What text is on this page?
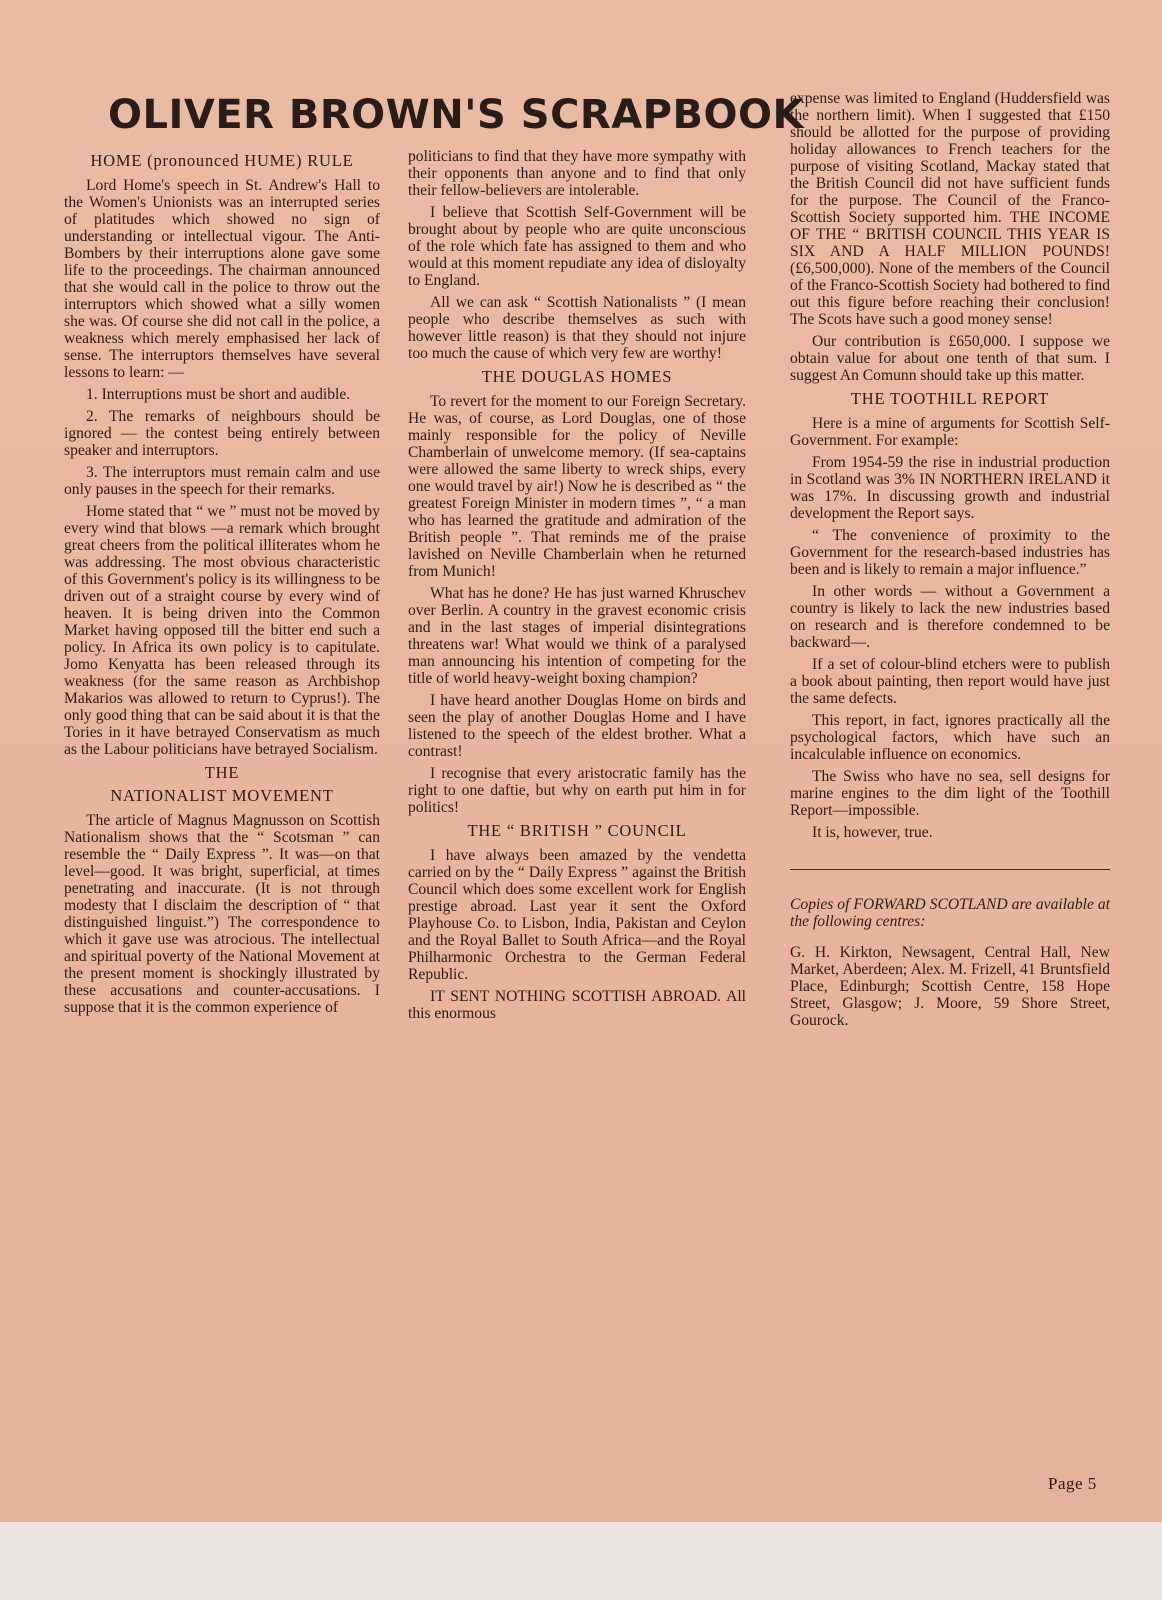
OLIVER BROWN'S SCRAPBOOK
HOME (pronounced HUME) RULE

Lord Home's speech in St. Andrew's Hall to the Women's Unionists was an interrupted series of platitudes which showed no sign of understanding or intellectual vigour. The Anti-Bombers by their interruptions alone gave some life to the proceedings. The chairman announced that she would call in the police to throw out the interruptors which showed what a silly women she was. Of course she did not call in the police, a weakness which merely emphasised her lack of sense. The interruptors themselves have several lessons to learn: —

1. Interruptions must be short and audible.

2. The remarks of neighbours should be ignored — the contest being entirely between speaker and interruptors.

3. The interruptors must remain calm and use only pauses in the speech for their remarks.

Home stated that “ we ” must not be moved by every wind that blows —a remark which brought great cheers from the political illiterates whom he was addressing. The most obvious characteristic of this Government's policy is its willingness to be driven out of a straight course by every wind of heaven. It is being driven into the Common Market having opposed till the bitter end such a policy. In Africa its own policy is to capitulate. Jomo Kenyatta has been released through its weakness (for the same reason as Archbishop Makarios was allowed to return to Cyprus!). The only good thing that can be said about it is that the Tories in it have betrayed Conservatism as much as the Labour politicians have betrayed Socialism.

THE
NATIONALIST MOVEMENT

The article of Magnus Magnusson on Scottish Nationalism shows that the “ Scotsman ” can resemble the “ Daily Express ”. It was—on that level—good. It was bright, superficial, at times penetrating and inaccurate. (It is not through modesty that I disclaim the description of “ that distinguished linguist.”) The correspondence to which it gave use was atrocious. The intellectual and spiritual poverty of the National Movement at the present moment is shockingly illustrated by these accusations and counter-accusations. I suppose that it is the common experience of

politicians to find that they have more sympathy with their opponents than anyone and to find that only their fellow-believers are intolerable.

I believe that Scottish Self-Government will be brought about by people who are quite unconscious of the role which fate has assigned to them and who would at this moment repudiate any idea of disloyalty to England.

All we can ask “ Scottish Nationalists ” (I mean people who describe themselves as such with however little reason) is that they should not injure too much the cause of which very few are worthy!

THE DOUGLAS HOMES

To revert for the moment to our Foreign Secretary. He was, of course, as Lord Douglas, one of those mainly responsible for the policy of Neville Chamberlain of unwelcome memory. (If sea-captains were allowed the same liberty to wreck ships, every one would travel by air!) Now he is described as “ the greatest Foreign Minister in modern times ”, “ a man who has learned the gratitude and admiration of the British people ”. That reminds me of the praise lavished on Neville Chamberlain when he returned from Munich!

What has he done? He has just warned Khruschev over Berlin. A country in the gravest economic crisis and in the last stages of imperial disintegrations threatens war! What would we think of a paralysed man announcing his intention of competing for the title of world heavy-weight boxing champion?

I have heard another Douglas Home on birds and seen the play of another Douglas Home and I have listened to the speech of the eldest brother. What a contrast!

I recognise that every aristocratic family has the right to one daftie, but why on earth put him in for politics!

THE “ BRITISH ” COUNCIL

I have always been amazed by the vendetta carried on by the “ Daily Express ” against the British Council which does some excellent work for English prestige abroad. Last year it sent the Oxford Playhouse Co. to Lisbon, India, Pakistan and Ceylon and the Royal Ballet to South Africa—and the Royal Philharmonic Orchestra to the German Federal Republic.

IT SENT NOTHING SCOTTISH ABROAD. All this enormous

expense was limited to England (Huddersfield was the northern limit). When I suggested that £150 should be allotted for the purpose of providing holiday allowances to French teachers for the purpose of visiting Scotland, Mackay stated that the British Council did not have sufficient funds for the purpose. The Council of the Franco-Scottish Society supported him. THE INCOME OF THE “ BRITISH COUNCIL THIS YEAR IS SIX AND A HALF MILLION POUNDS! (£6,500,000). None of the members of the Council of the Franco-Scottish Society had bothered to find out this figure before reaching their conclusion! The Scots have such a good money sense!

Our contribution is £650,000. I suppose we obtain value for about one tenth of that sum. I suggest An Comunn should take up this matter.

THE TOOTHILL REPORT

Here is a mine of arguments for Scottish Self-Government. For example:

From 1954-59 the rise in industrial production in Scotland was 3% IN NORTHERN IRELAND it was 17%. In discussing growth and industrial development the Report says.

“ The convenience of proximity to the Government for the research-based industries has been and is likely to remain a major influence.”

In other words — without a Government a country is likely to lack the new industries based on research and is therefore condemned to be backward—.

If a set of colour-blind etchers were to publish a book about painting, then report would have just the same defects.

This report, in fact, ignores practically all the psychological factors, which have such an incalculable influence on economics.

The Swiss who have no sea, sell designs for marine engines to the dim light of the Toothill Report—impossible.

It is, however, true.

Copies of FORWARD SCOTLAND are available at the following centres:

G. H. Kirkton, Newsagent, Central Hall, New Market, Aberdeen; Alex. M. Frizell, 41 Bruntsfield Place, Edinburgh; Scottish Centre, 158 Hope Street, Glasgow; J. Moore, 59 Shore Street, Gourock.

Page 5
